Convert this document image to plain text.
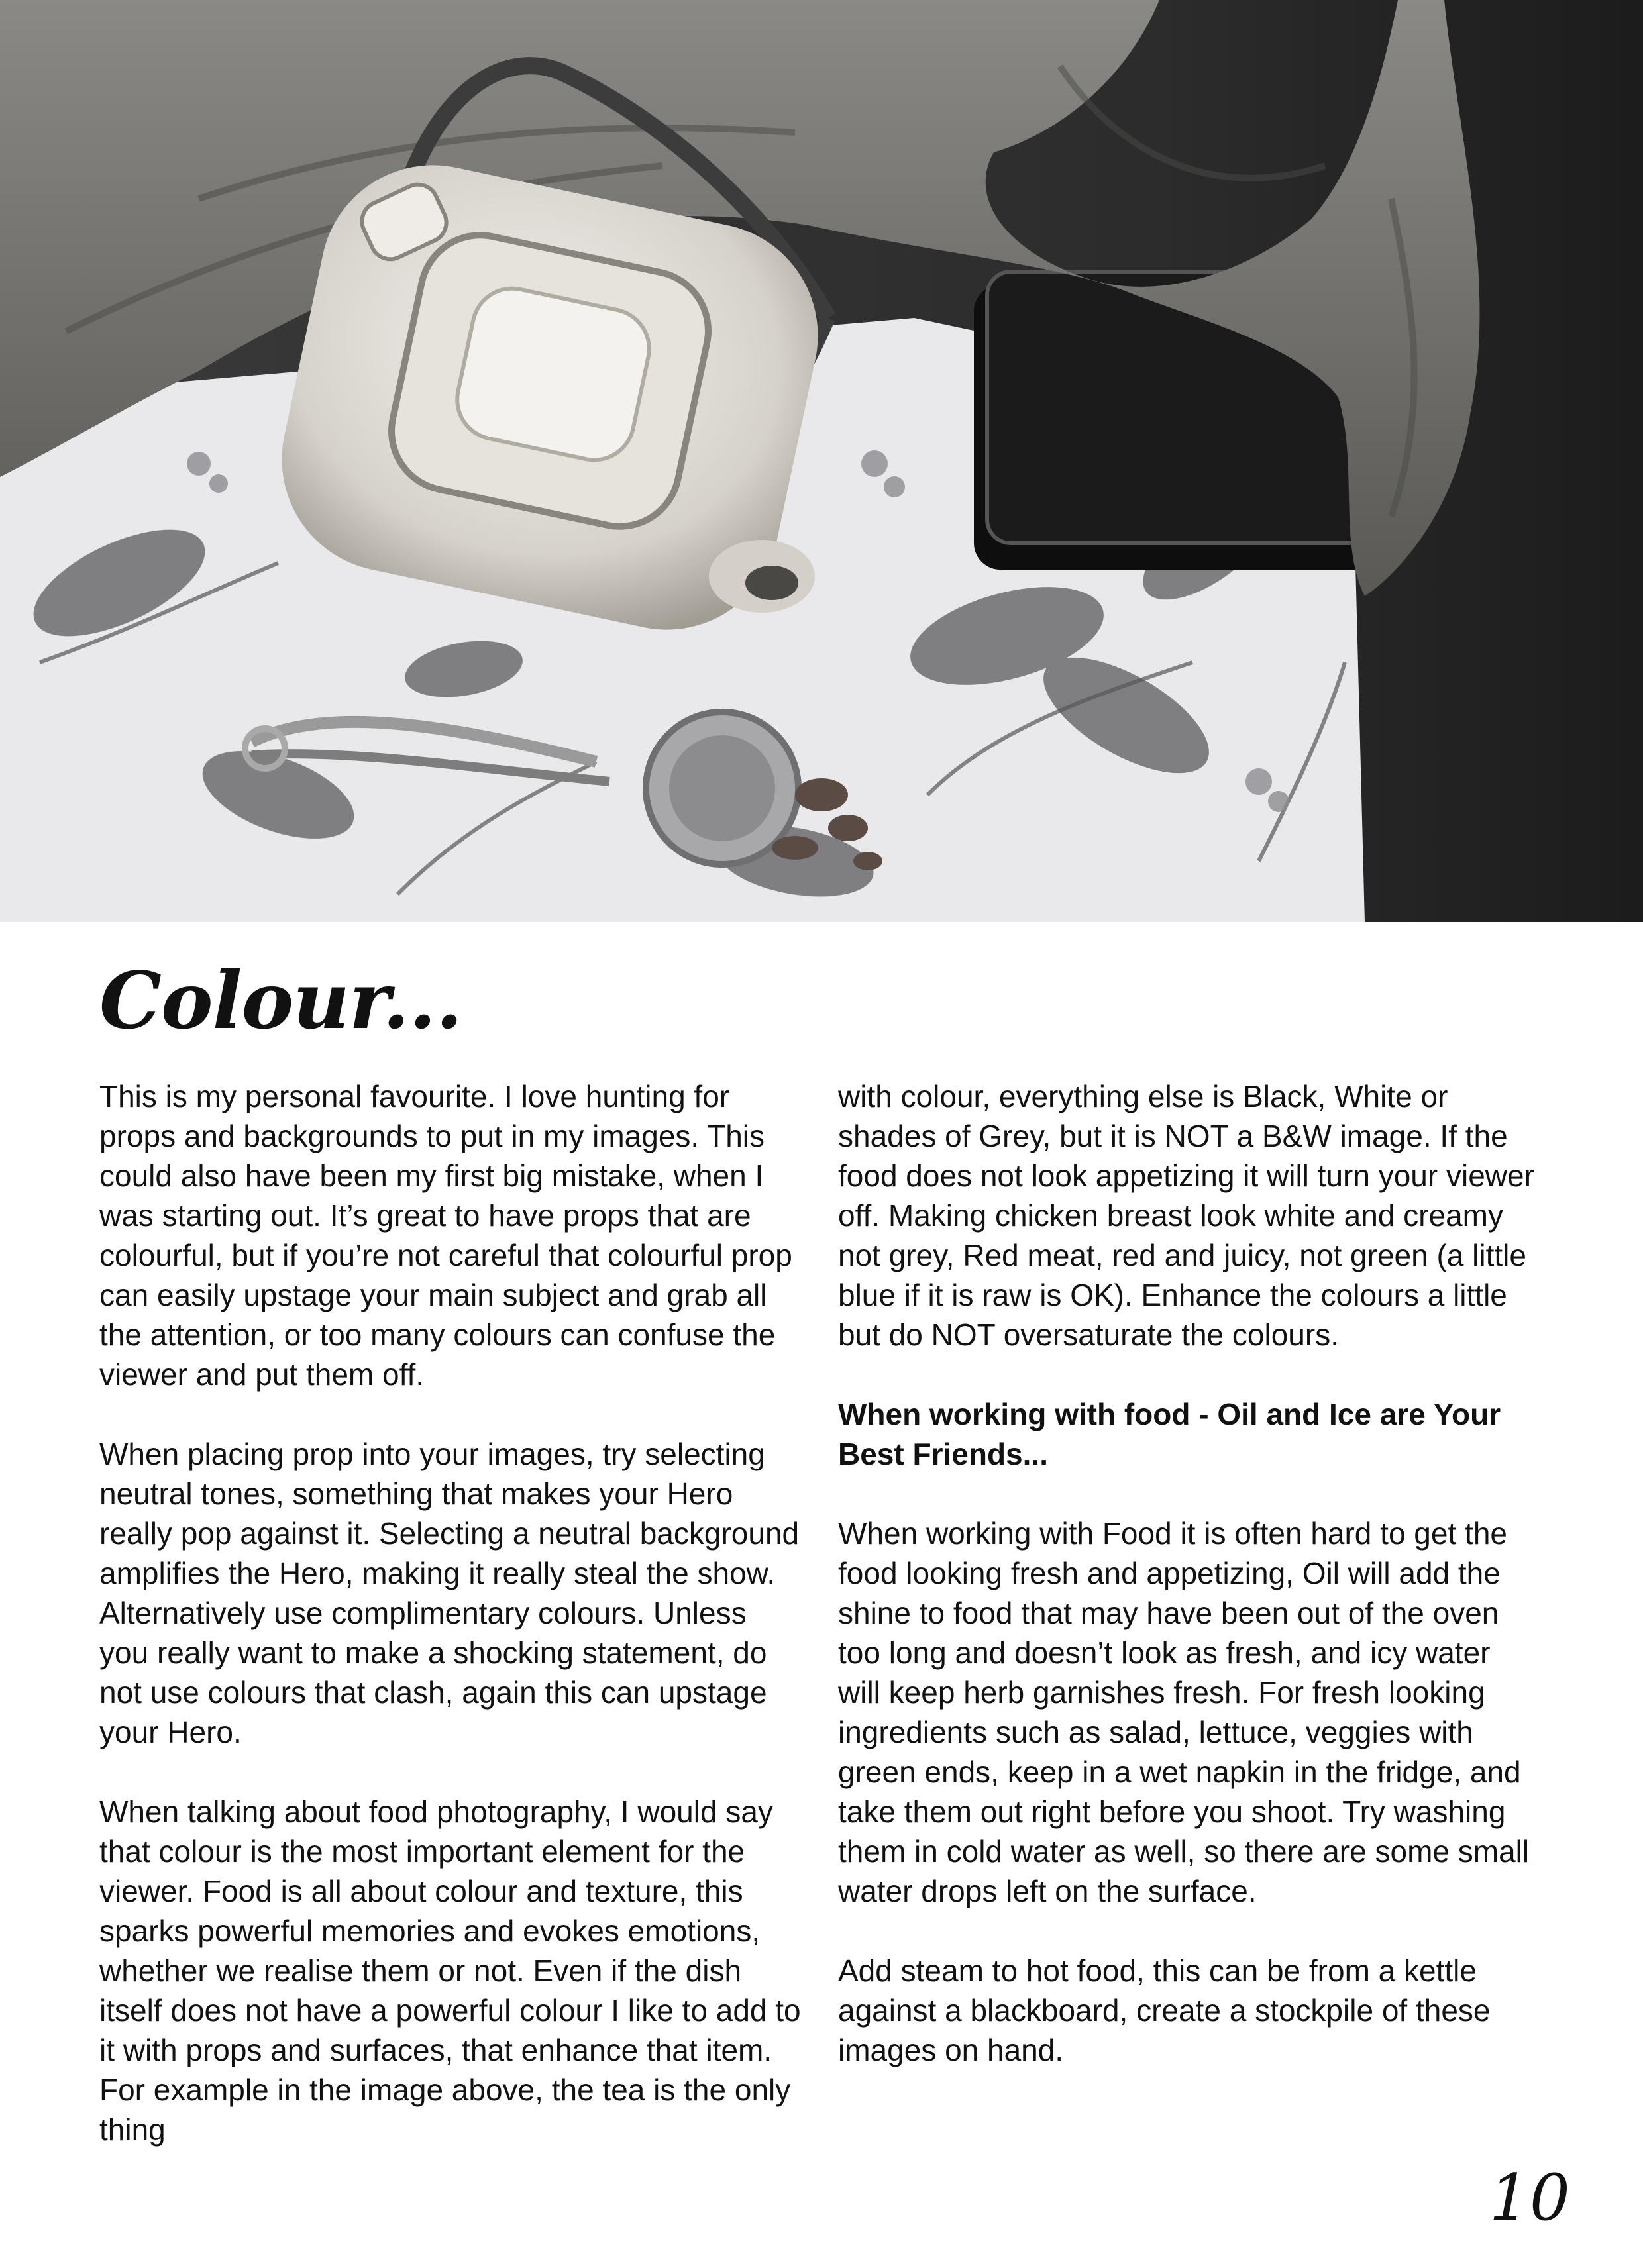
Colour...

This is my personal favourite. I love hunting for props and backgrounds to put in my images. This could also have been my first big mistake, when I was starting out. It’s great to have props that are colourful, but if you’re not careful that colourful prop can easily upstage your main subject and grab all the attention, or too many colours can confuse the viewer and put them off.

When placing prop into your images, try selecting neutral tones, something that makes your Hero really pop against it. Selecting a neutral background amplifies the Hero, making it really steal the show. Alternatively use complimentary colours. Unless you really want to make a shocking statement, do not use colours that clash, again this can upstage your Hero.

When talking about food photography, I would say that colour is the most important element for the viewer. Food is all about colour and texture, this sparks powerful memories and evokes emotions, whether we realise them or not. Even if the dish itself does not have a powerful colour I like to add to it with props and surfaces, that enhance that item. For example in the image above, the tea is the only thing

with colour, everything else is Black, White or shades of Grey, but it is NOT a B&W image. If the food does not look appetizing it will turn your viewer off. Making chicken breast look white and creamy not grey, Red meat, red and juicy, not green (a little blue if it is raw is OK). Enhance the colours a little but do NOT oversaturate the colours.

When working with food - Oil and Ice are Your Best Friends...

When working with Food it is often hard to get the food looking fresh and appetizing, Oil will add the shine to food that may have been out of the oven too long and doesn’t look as fresh, and icy water will keep herb garnishes fresh. For fresh looking ingredients such as salad, lettuce, veggies with green ends, keep in a wet napkin in the fridge, and take them out right before you shoot. Try washing them in cold water as well, so there are some small water drops left on the surface.

Add steam to hot food, this can be from a kettle against a blackboard, create a stockpile of these images on hand.

10
